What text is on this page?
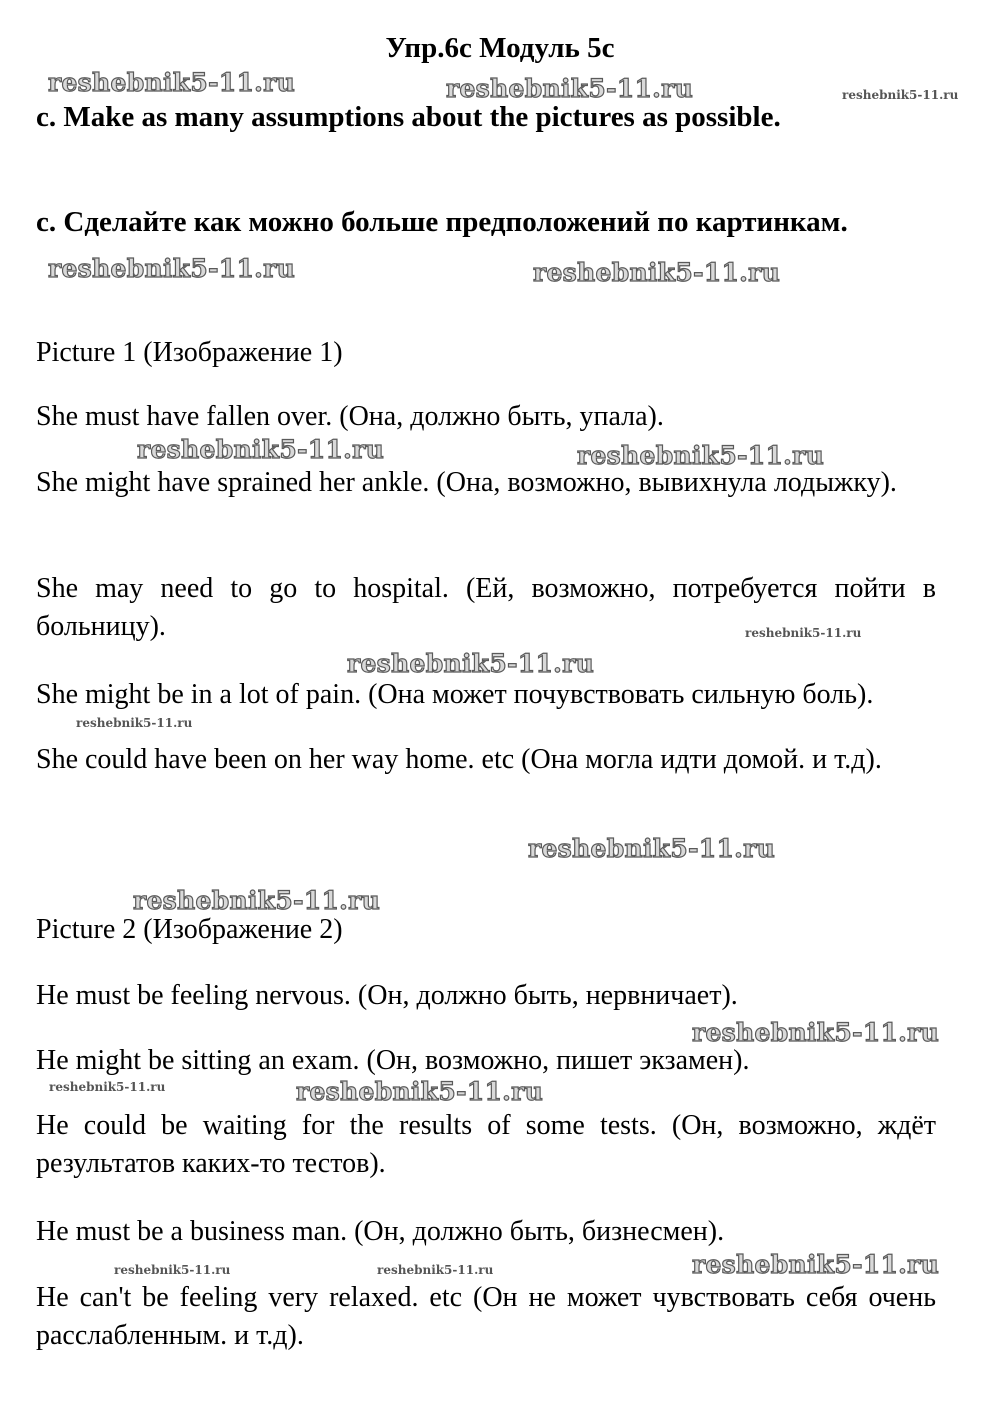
Упр.6с Модуль 5с
c. Make as many assumptions about the pictures as possible.
с. Сделайте как можно больше предположений по картинкам.
Picture 1 (Изображение 1)
She must have fallen over. (Она, должно быть, упала).
She might have sprained her ankle. (Она, возможно, вывихнула лодыжку).
She may need to go to hospital. (Ей, возможно, потребуется пойти в больницу).
She might be in a lot of pain. (Она может почувствовать сильную боль).
She could have been on her way home. etc (Она могла идти домой. и т.д).
Picture 2 (Изображение 2)
He must be feeling nervous. (Он, должно быть, нервничает).
He might be sitting an exam. (Он, возможно, пишет экзамен).
He could be waiting for the results of some tests. (Он, возможно, ждёт результатов каких-то тестов).
He must be a business man. (Он, должно быть, бизнесмен).
He can't be feeling very relaxed. etc (Он не может чувствовать себя очень расслабленным. и т.д).
reshebnik5-11.ru	reshebnik5-11.ru	reshebnik5-11.ru
reshebnik5-11.ru	reshebnik5-11.ru
reshebnik5-11.ru	reshebnik5-11.ru
reshebnik5-11.ru
reshebnik5-11.ru
reshebnik5-11.ru
reshebnik5-11.ru
reshebnik5-11.ru
reshebnik5-11.ru
reshebnik5-11.ru	reshebnik5-11.ru
reshebnik5-11.ru
reshebnik5-11.ru	reshebnik5-11.ru
